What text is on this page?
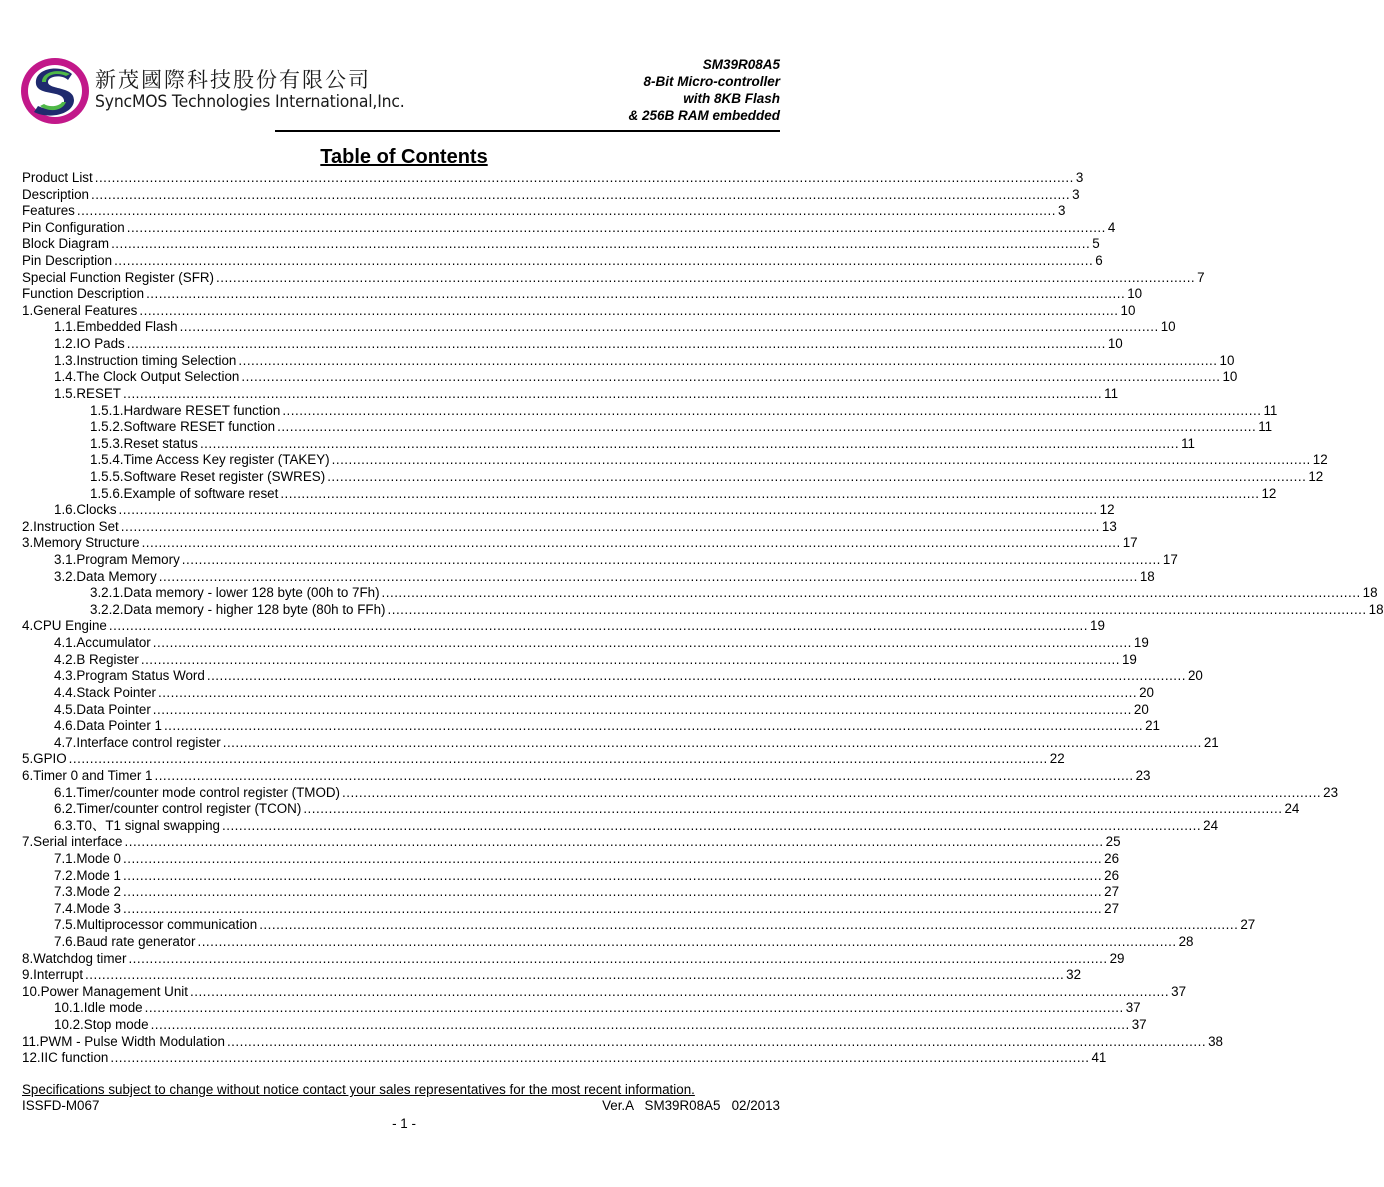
新茂國際科技股份有限公司
SyncMOS Technologies International,Inc.
SM39R08A5
8-Bit Micro-controller
with 8KB Flash
& 256B RAM embedded
Table of Contents
Product List .....	3
Description .....	3
Features .....	3
Pin Configuration .....	4
Block Diagram .....	5
Pin Description .....	6
Special Function Register (SFR) .....	7
Function Description .....	10
1. General Features .....	10
1.1. Embedded Flash .....	10
1.2. IO Pads .....	10
1.3. Instruction timing Selection .....	10
1.4. The Clock Output Selection .....	10
1.5. RESET .....	11
1.5.1. Hardware RESET function .....	11
1.5.2. Software RESET function .....	11
1.5.3. Reset status .....	11
1.5.4. Time Access Key register (TAKEY) .....	12
1.5.5. Software Reset register (SWRES) .....	12
1.5.6. Example of software reset .....	12
1.6. Clocks .....	12
2. Instruction Set .....	13
3. Memory Structure .....	17
3.1. Program Memory .....	17
3.2. Data Memory .....	18
3.2.1. Data memory - lower 128 byte (00h to 7Fh) .....	18
3.2.2. Data memory - higher 128 byte (80h to FFh) .....	18
4. CPU Engine .....	19
4.1. Accumulator .....	19
4.2. B Register .....	19
4.3. Program Status Word .....	20
4.4. Stack Pointer .....	20
4.5. Data Pointer .....	20
4.6. Data Pointer 1 .....	21
4.7. Interface control register .....	21
5. GPIO .....	22
6. Timer 0 and Timer 1 .....	23
6.1. Timer/counter mode control register (TMOD) .....	23
6.2. Timer/counter control register (TCON) .....	24
6.3. T0、T1 signal swapping .....	24
7. Serial interface .....	25
7.1. Mode 0 .....	26
7.2. Mode 1 .....	26
7.3. Mode 2 .....	27
7.4. Mode 3 .....	27
7.5. Multiprocessor communication .....	27
7.6. Baud rate generator .....	28
8. Watchdog timer .....	29
9. Interrupt .....	32
10. Power Management Unit .....	37
10.1. Idle mode .....	37
10.2. Stop mode .....	37
11. PWM - Pulse Width Modulation .....	38
12. IIC function .....	41
Specifications subject to change without notice contact your sales representatives for the most recent information.
ISSFD-M067	Ver.A   SM39R08A5   02/2013
- 1 -
